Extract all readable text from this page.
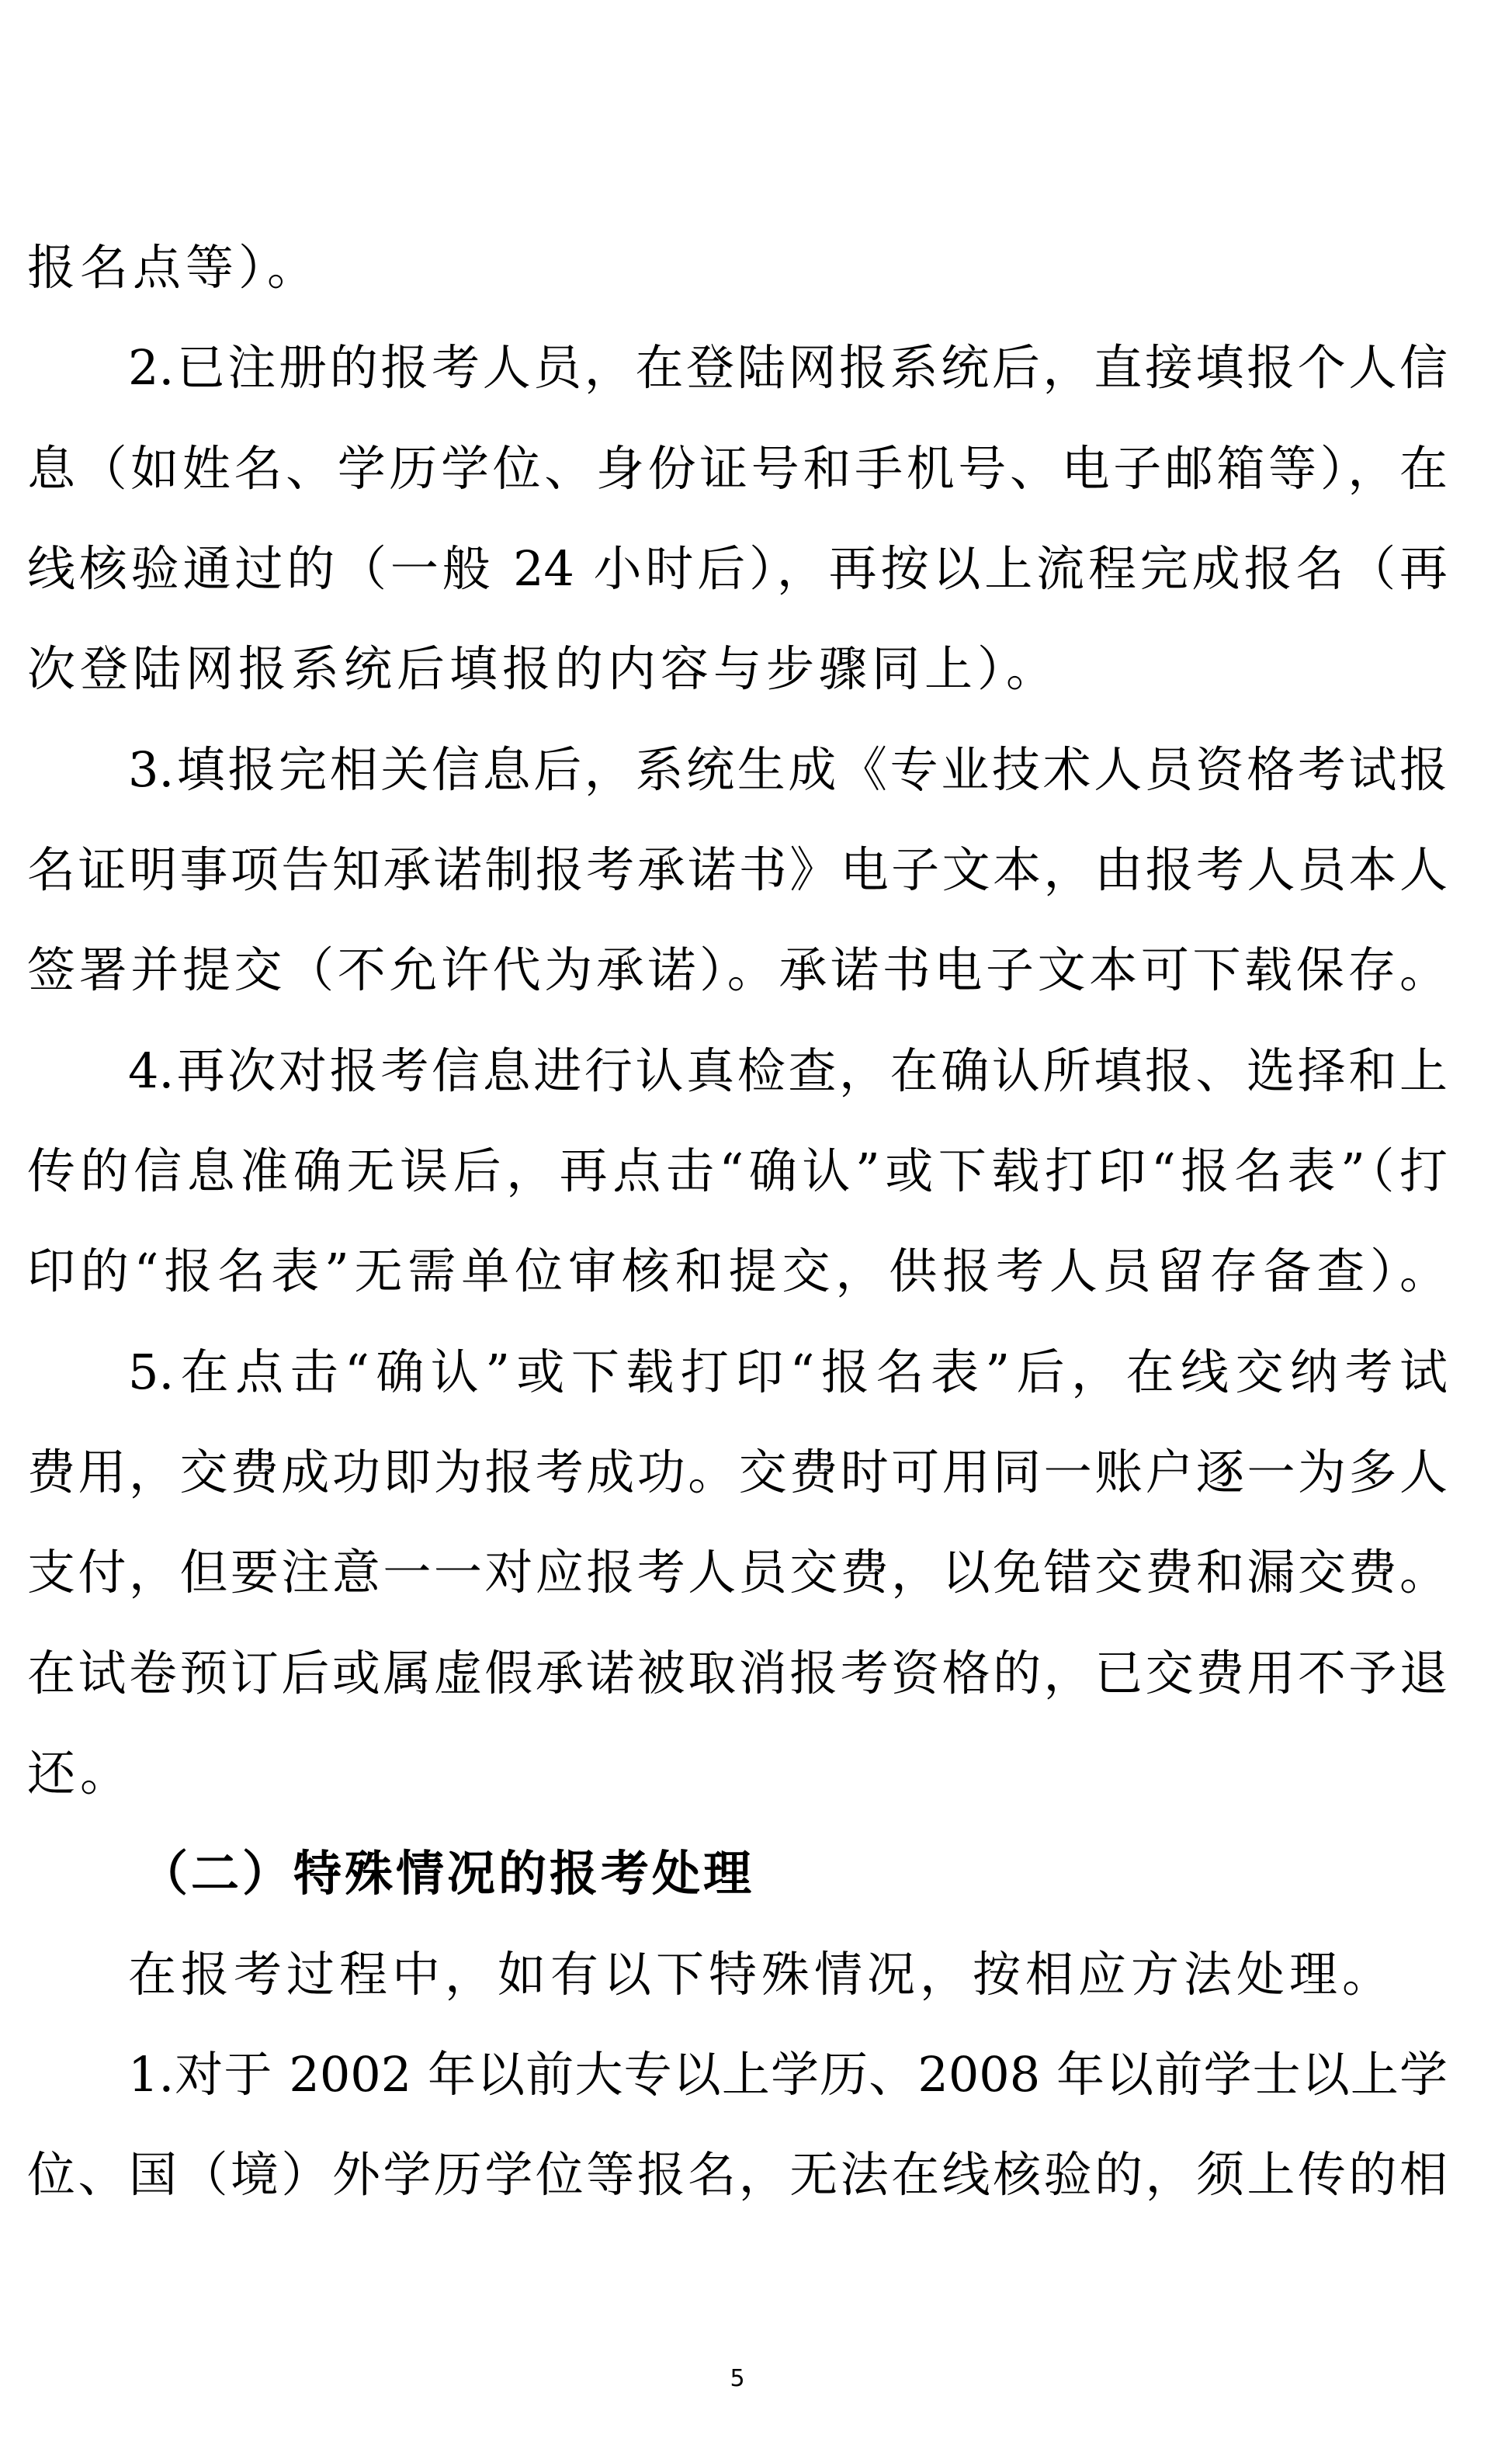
报名点等）。
2.已注册的报考人员，在登陆网报系统后，直接填报个人信
息（如姓名、学历学位、身份证号和手机号、电子邮箱等），在
线核验通过的（一般 24 小时后），再按以上流程完成报名（再
次登陆网报系统后填报的内容与步骤同上）。
3.填报完相关信息后，系统生成《专业技术人员资格考试报
名证明事项告知承诺制报考承诺书》电子文本，由报考人员本人
签署并提交（不允许代为承诺）。承诺书电子文本可下载保存。
4.再次对报考信息进行认真检查，在确认所填报、选择和上
传的信息准确无误后，再点击“确认”或下载打印“报名表”（打
印的“报名表”无需单位审核和提交，供报考人员留存备查）。
5.在点击“确认”或下载打印“报名表”后，在线交纳考试
费用，交费成功即为报考成功。交费时可用同一账户逐一为多人
支付，但要注意一一对应报考人员交费，以免错交费和漏交费。
在试卷预订后或属虚假承诺被取消报考资格的，已交费用不予退
还。
（二）特殊情况的报考处理
在报考过程中，如有以下特殊情况，按相应方法处理。
1.对于 2002 年以前大专以上学历、2008 年以前学士以上学
位、国（境）外学历学位等报名，无法在线核验的，须上传的相
5
